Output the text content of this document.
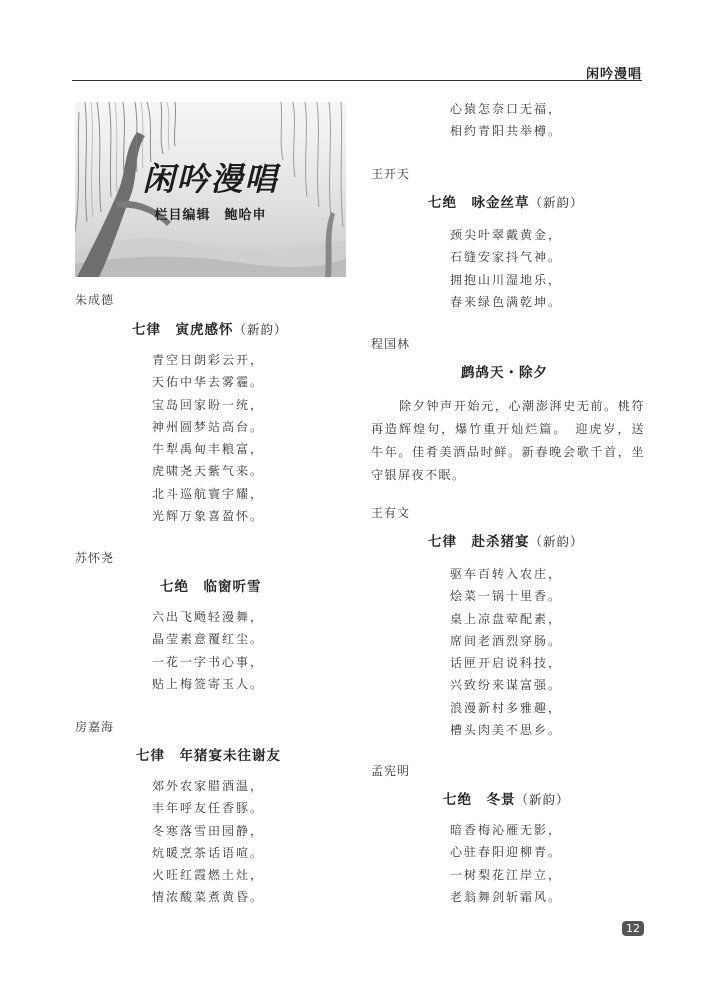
闲吟漫唱
闲吟漫唱
栏目编辑　鲍哈申
朱成德
七律　寅虎感怀（新韵）
青空日朗彩云开，
天佑中华去雾霾。
宝岛回家盼一统，
神州圆梦站高台。
牛犁禹甸丰粮富，
虎啸尧天紫气来。
北斗巡航寰宇耀，
光辉万象喜盈怀。
苏怀尧
七绝　临窗听雪
六出飞飏轻漫舞，
晶莹素意覆红尘。
一花一字书心事，
贴上梅签寄玉人。
房嘉海
七律　年猪宴未往谢友
郊外农家腊酒温，
丰年呼友任香豚。
冬寒落雪田园静，
炕暖烹茶话语喧。
火旺红霞燃土灶，
情浓酸菜煮黄昏。
心猿怎奈口无福，
相约青阳共举樽。
王开天
七绝　咏金丝草（新韵）
颈尖叶翠戴黄金，
石缝安家抖气神。
拥抱山川湿地乐，
春来绿色满乾坤。
程国林
鹧鸪天・除夕
除夕钟声开始元，心潮澎湃史无前。桃符再造辉煌句，爆竹重开灿烂篇。　迎虎岁，送牛年。佳肴美酒品时鲜。新春晚会歌千首，坐守银屏夜不眠。
王有文
七律　赴杀猪宴（新韵）
驱车百转入农庄，
烩菜一锅十里香。
桌上凉盘荤配素，
席间老酒烈穿肠。
话匣开启说科技，
兴致纷来谋富强。
浪漫新村多雅趣，
槽头肉美不思乡。
孟宪明
七绝　冬景（新韵）
暗香梅沁雁无影，
心驻春阳迎柳青。
一树梨花江岸立，
老翁舞剑斩霜风。
12
